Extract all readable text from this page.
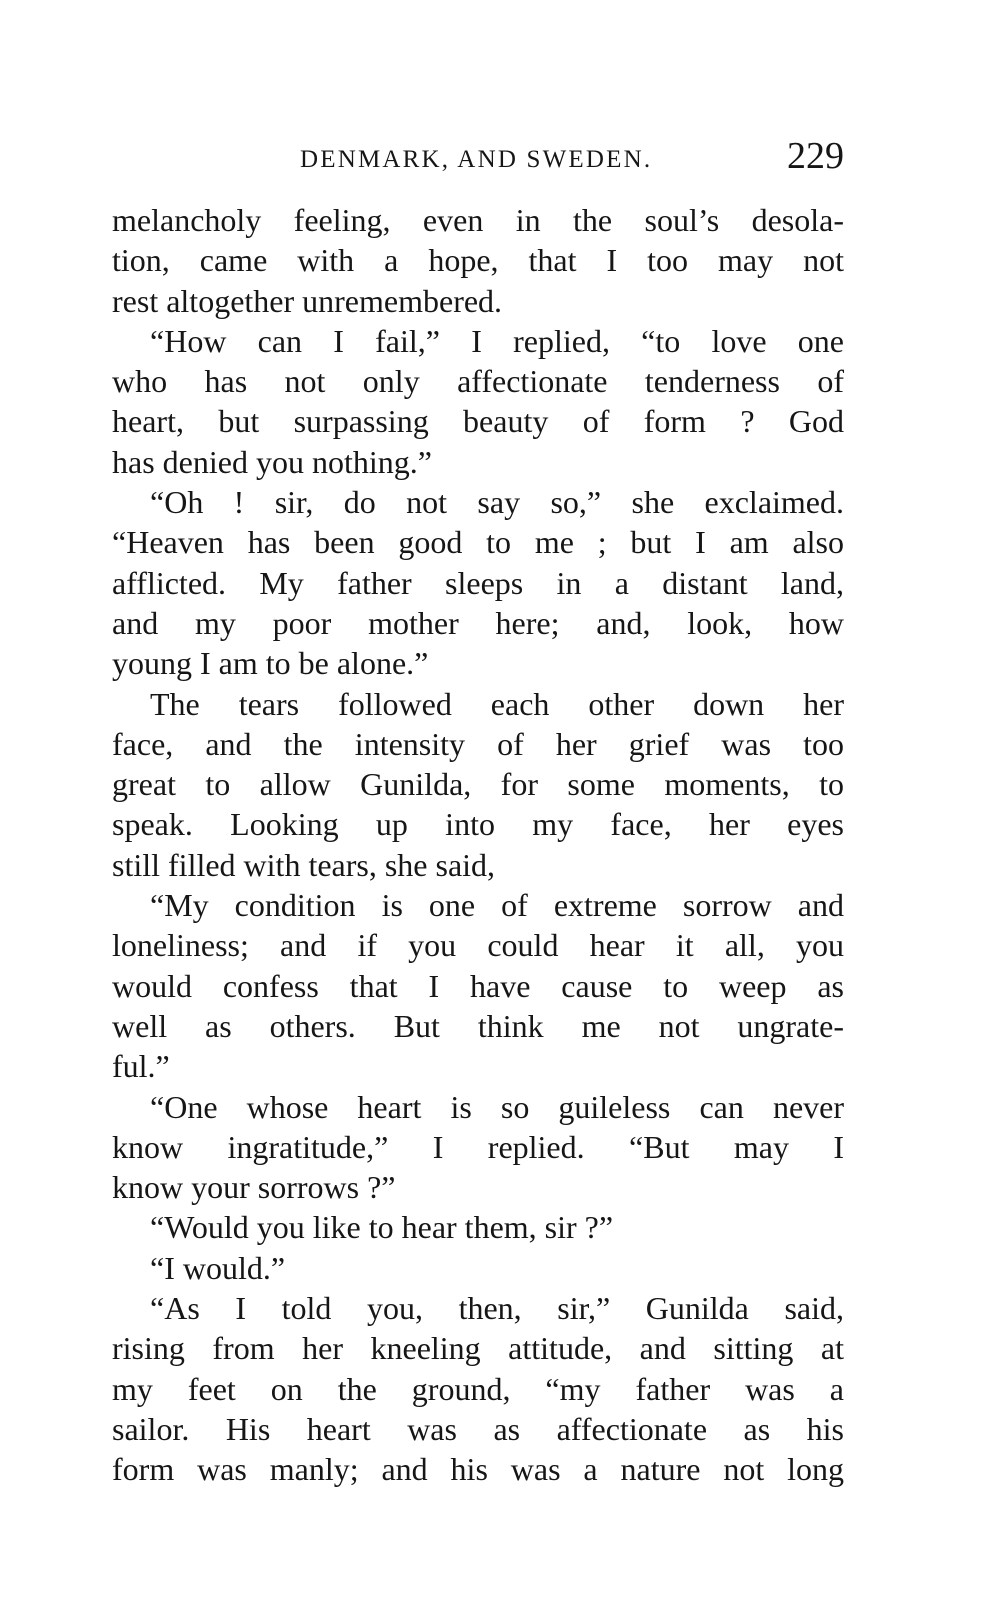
DENMARK, AND SWEDEN.	229
melancholy feeling, even in the soul’s desola-
tion, came with a hope, that I too may not
rest altogether unremembered.
“How can I fail,” I replied, “to love one
who has not only affectionate tenderness of
heart, but surpassing beauty of form ? God
has denied you nothing.”
“Oh ! sir, do not say so,” she exclaimed.
“Heaven has been good to me ; but I am also
afflicted. My father sleeps in a distant land,
and my poor mother here; and, look, how
young I am to be alone.”
The tears followed each other down her
face, and the intensity of her grief was too
great to allow Gunilda, for some moments, to
speak. Looking up into my face, her eyes
still filled with tears, she said,
“My condition is one of extreme sorrow and
loneliness; and if you could hear it all, you
would confess that I have cause to weep as
well as others. But think me not ungrate-
ful.”
“One whose heart is so guileless can never
know ingratitude,” I replied. “But may I
know your sorrows ?”
“Would you like to hear them, sir ?”
“I would.”
“As I told you, then, sir,” Gunilda said,
rising from her kneeling attitude, and sitting at
my feet on the ground, “my father was a
sailor. His heart was as affectionate as his
form was manly; and his was a nature not long
